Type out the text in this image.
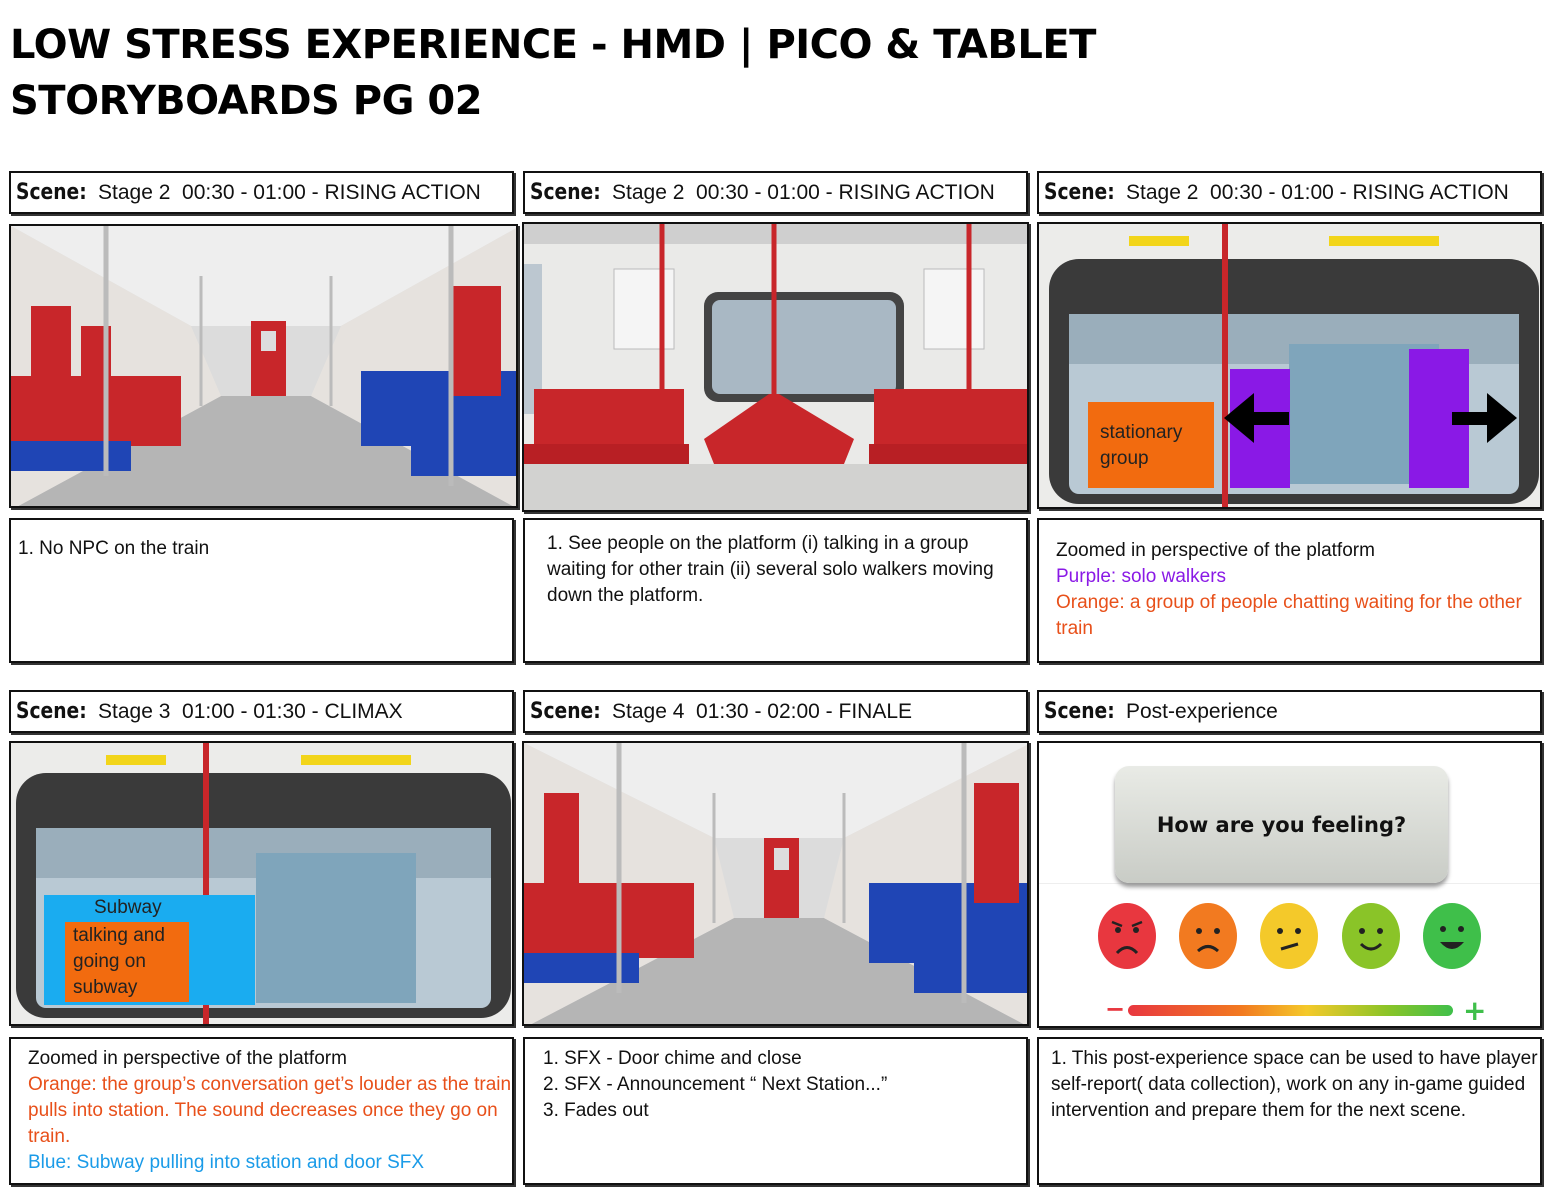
LOW STRESS EXPERIENCE - HMD | PICO & TABLET
STORYBOARDS PG 02
Scene: Stage 2  00:30 - 01:00 - RISING ACTION
1. No NPC on the train
Scene: Stage 2  00:30 - 01:00 - RISING ACTION
1. See people on the platform (i) talking in a group waiting for other train (ii) several solo walkers moving down the platform.
Scene: Stage 2  00:30 - 01:00 - RISING ACTION
stationary group
Zoomed in perspective of the platform
Purple: solo walkers
Orange: a group of people chatting waiting for the other train
Scene: Stage 3  01:00 - 01:30 - CLIMAX
Subway
talking and going on subway
Zoomed in perspective of the platform
Orange: the group’s conversation get’s louder as the train pulls into station. The sound decreases once they go on train.
Blue: Subway pulling into station and door SFX
Scene: Stage 4  01:30 - 02:00 - FINALE
1. SFX - Door chime and close
2. SFX - Announcement “ Next Station...”
3. Fades out
Scene: Post-experience
How are you feeling?
−	+
1. This post-experience space can be used to have player self-report( data collection), work on any in-game guided intervention and prepare them for the next scene.
